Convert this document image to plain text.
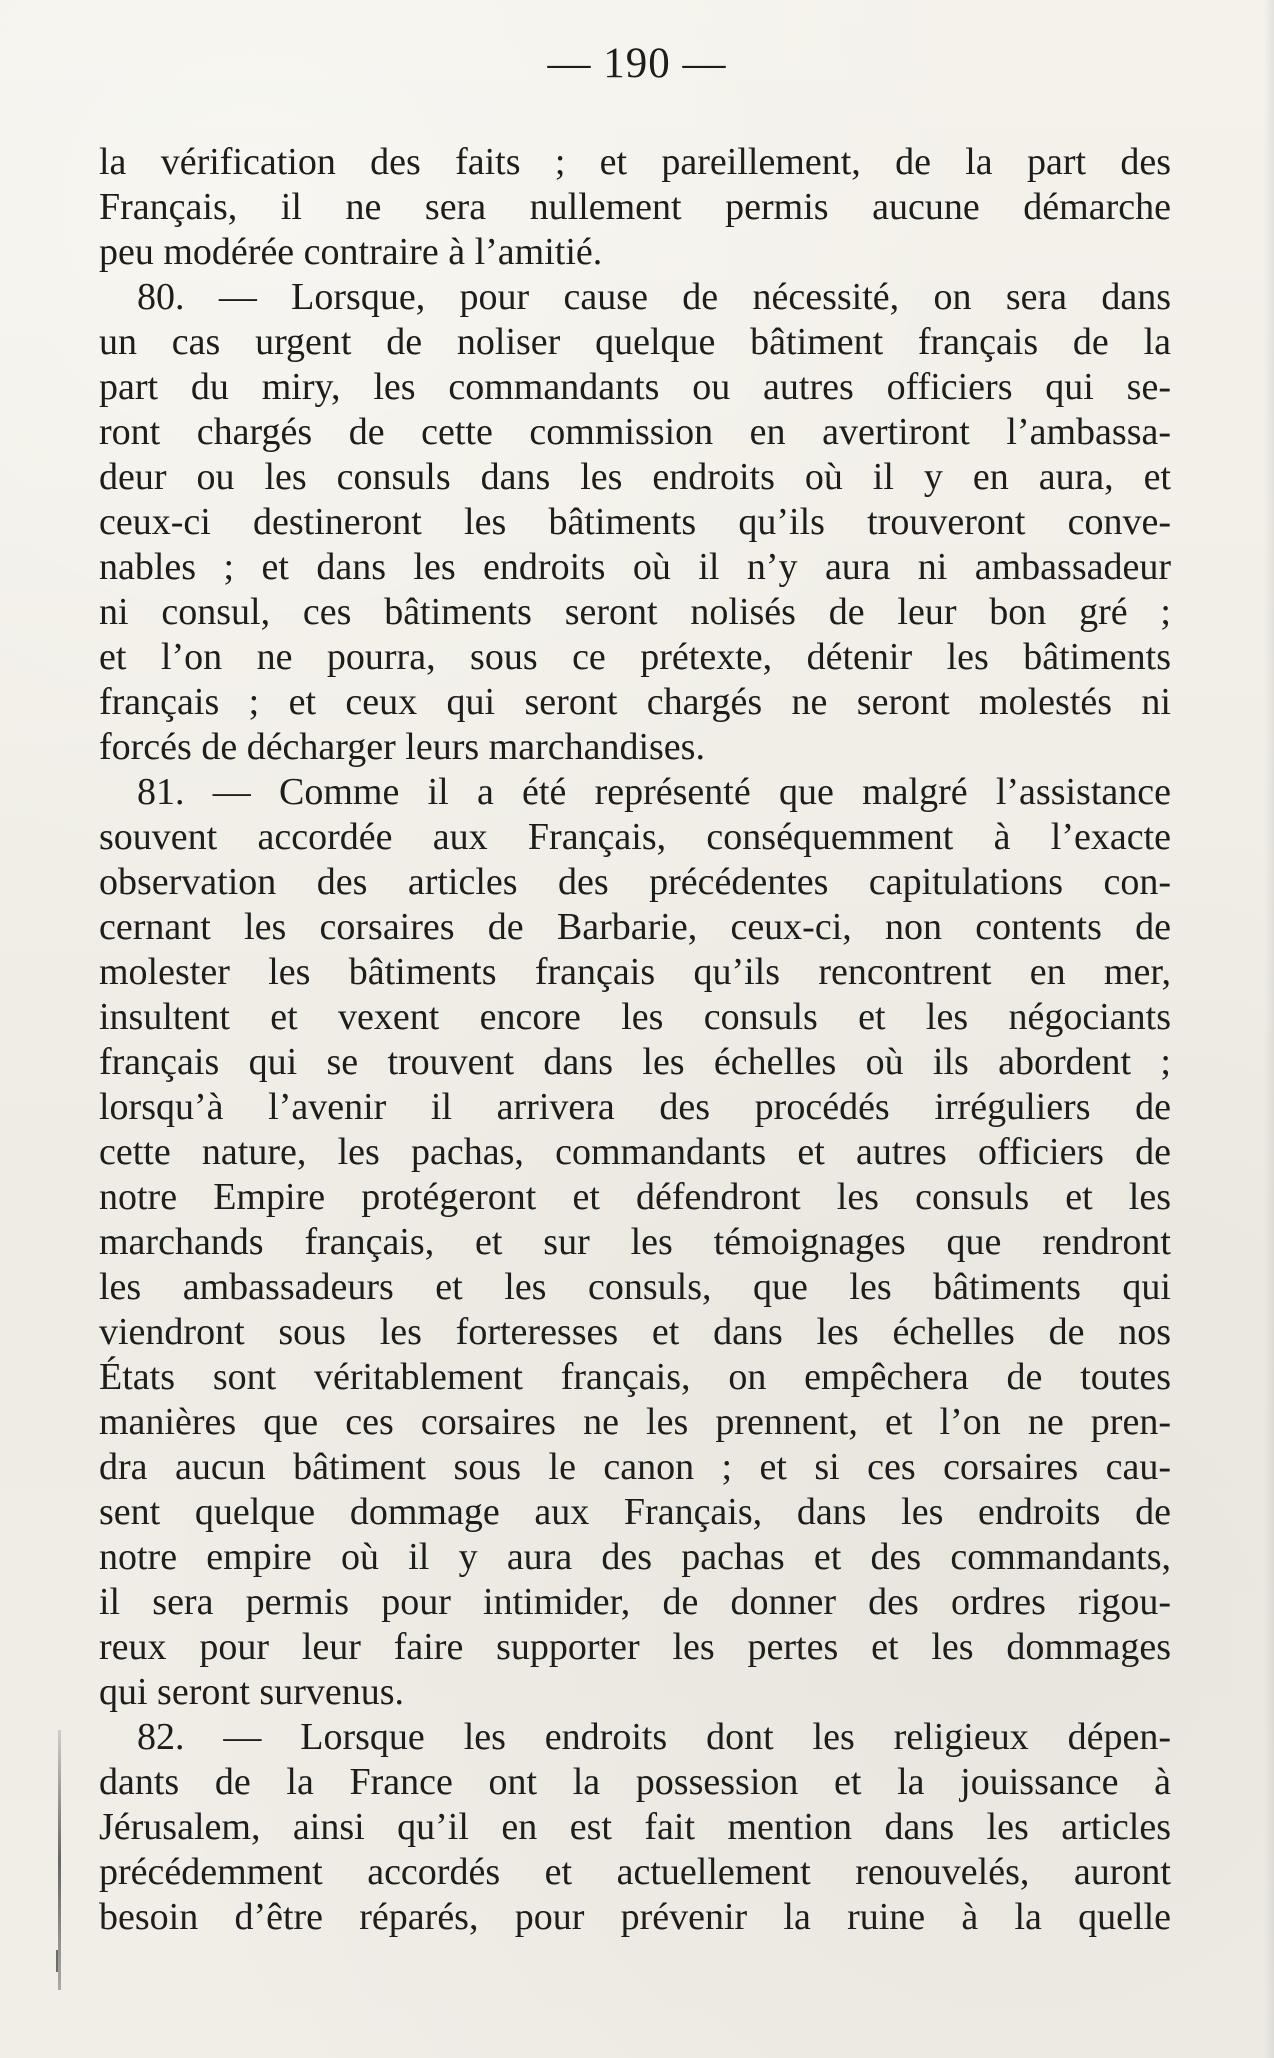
— 190 —
la vérification des faits ; et pareillement, de la part des
Français, il ne sera nullement permis aucune démarche
peu modérée contraire à l’amitié.
80. — Lorsque, pour cause de nécessité, on sera dans
un cas urgent de noliser quelque bâtiment français de la
part du miry, les commandants ou autres officiers qui se-
ront chargés de cette commission en avertiront l’ambassa-
deur ou les consuls dans les endroits où il y en aura, et
ceux-ci destineront les bâtiments qu’ils trouveront conve-
nables ; et dans les endroits où il n’y aura ni ambassadeur
ni consul, ces bâtiments seront nolisés de leur bon gré ;
et l’on ne pourra, sous ce prétexte, détenir les bâtiments
français ; et ceux qui seront chargés ne seront molestés ni
forcés de décharger leurs marchandises.
81. — Comme il a été représenté que malgré l’assistance
souvent accordée aux Français, conséquemment à l’exacte
observation des articles des précédentes capitulations con-
cernant les corsaires de Barbarie, ceux-ci, non contents de
molester les bâtiments français qu’ils rencontrent en mer,
insultent et vexent encore les consuls et les négociants
français qui se trouvent dans les échelles où ils abordent ;
lorsqu’à l’avenir il arrivera des procédés irréguliers de
cette nature, les pachas, commandants et autres officiers de
notre Empire protégeront et défendront les consuls et les
marchands français, et sur les témoignages que rendront
les ambassadeurs et les consuls, que les bâtiments qui
viendront sous les forteresses et dans les échelles de nos
États sont véritablement français, on empêchera de toutes
manières que ces corsaires ne les prennent, et l’on ne pren-
dra aucun bâtiment sous le canon ; et si ces corsaires cau-
sent quelque dommage aux Français, dans les endroits de
notre empire où il y aura des pachas et des commandants,
il sera permis pour intimider, de donner des ordres rigou-
reux pour leur faire supporter les pertes et les dommages
qui seront survenus.
82. — Lorsque les endroits dont les religieux dépen-
dants de la France ont la possession et la jouissance à
Jérusalem, ainsi qu’il en est fait mention dans les articles
précédemment accordés et actuellement renouvelés, auront
besoin d’être réparés, pour prévenir la ruine à la quelle
